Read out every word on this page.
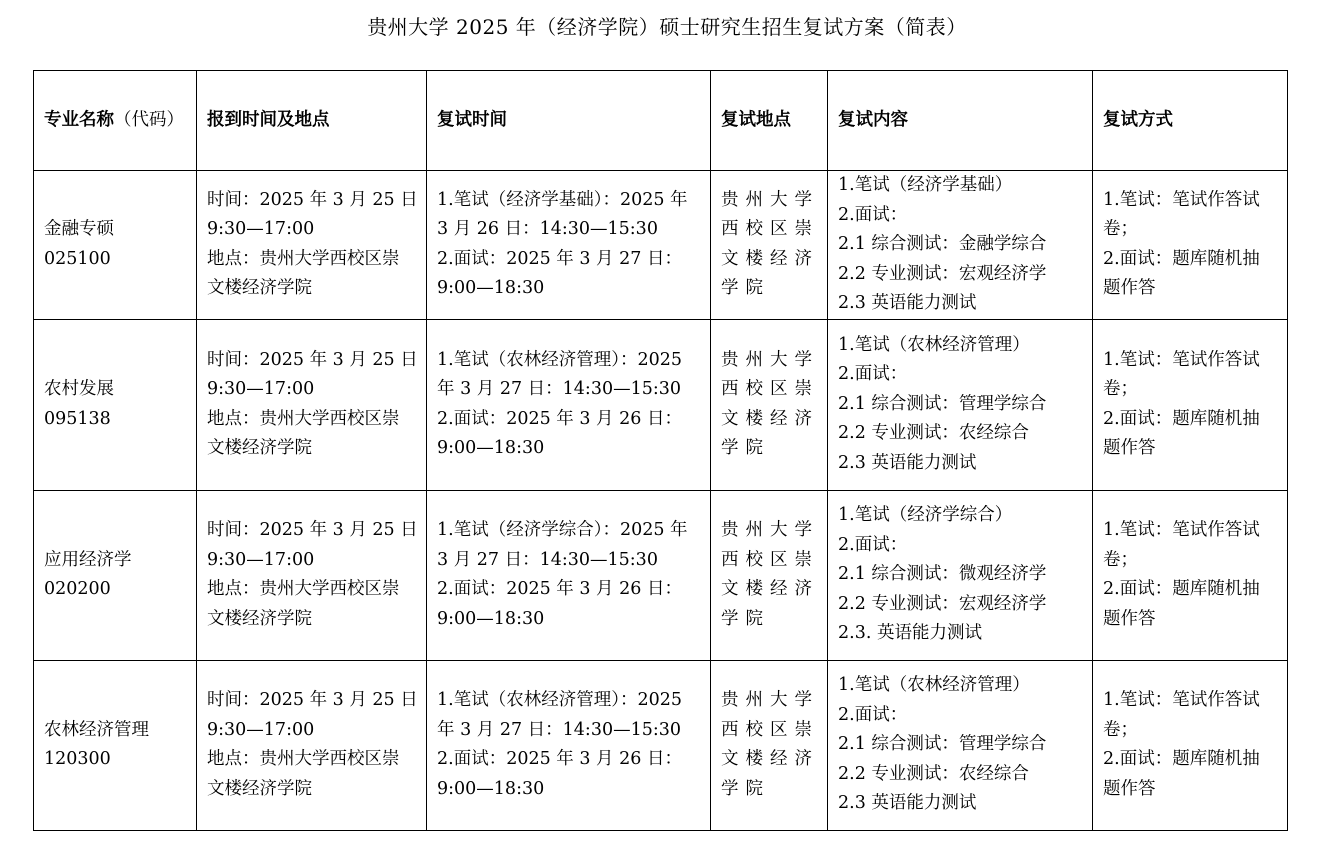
贵州大学 2025 年（经济学院）硕士研究生招生复试方案（简表）
专业名称（代码）	报到时间及地点	复试时间	复试地点	复试内容	复试方式

金融专硕
025100	时间：2025 年 3 月 25 日
9:30—17:00
地点：贵州大学西校区崇
文楼经济学院	1.笔试（经济学基础）：2025 年
3 月 26 日：14:30—15:30
2.面试：2025 年 3 月 27 日：
9:00—18:30	贵州大学
西校区崇
文楼经济
学院	1.笔试（经济学基础）
2.面试：
2.1 综合测试：金融学综合
2.2 专业测试：宏观经济学
2.3 英语能力测试	1.笔试：笔试作答试
卷；
2.面试：题库随机抽
题作答

农村发展
095138	时间：2025 年 3 月 25 日
9:30—17:00
地点：贵州大学西校区崇
文楼经济学院	1.笔试（农林经济管理）：2025
年 3 月 27 日：14:30—15:30
2.面试：2025 年 3 月 26 日：
9:00—18:30	贵州大学
西校区崇
文楼经济
学院	1.笔试（农林经济管理）
2.面试：
2.1 综合测试：管理学综合
2.2 专业测试：农经综合
2.3 英语能力测试	1.笔试：笔试作答试
卷；
2.面试：题库随机抽
题作答

应用经济学
020200	时间：2025 年 3 月 25 日
9:30—17:00
地点：贵州大学西校区崇
文楼经济学院	1.笔试（经济学综合）：2025 年
3 月 27 日：14:30—15:30
2.面试：2025 年 3 月 26 日：
9:00—18:30	贵州大学
西校区崇
文楼经济
学院	1.笔试（经济学综合）
2.面试：
2.1 综合测试：微观经济学
2.2 专业测试：宏观经济学
2.3. 英语能力测试	1.笔试：笔试作答试
卷；
2.面试：题库随机抽
题作答

农林经济管理
120300	时间：2025 年 3 月 25 日
9:30—17:00
地点：贵州大学西校区崇
文楼经济学院	1.笔试（农林经济管理）：2025
年 3 月 27 日：14:30—15:30
2.面试：2025 年 3 月 26 日：
9:00—18:30	贵州大学
西校区崇
文楼经济
学院	1.笔试（农林经济管理）
2.面试：
2.1 综合测试：管理学综合
2.2 专业测试：农经综合
2.3 英语能力测试	1.笔试：笔试作答试
卷；
2.面试：题库随机抽
题作答
